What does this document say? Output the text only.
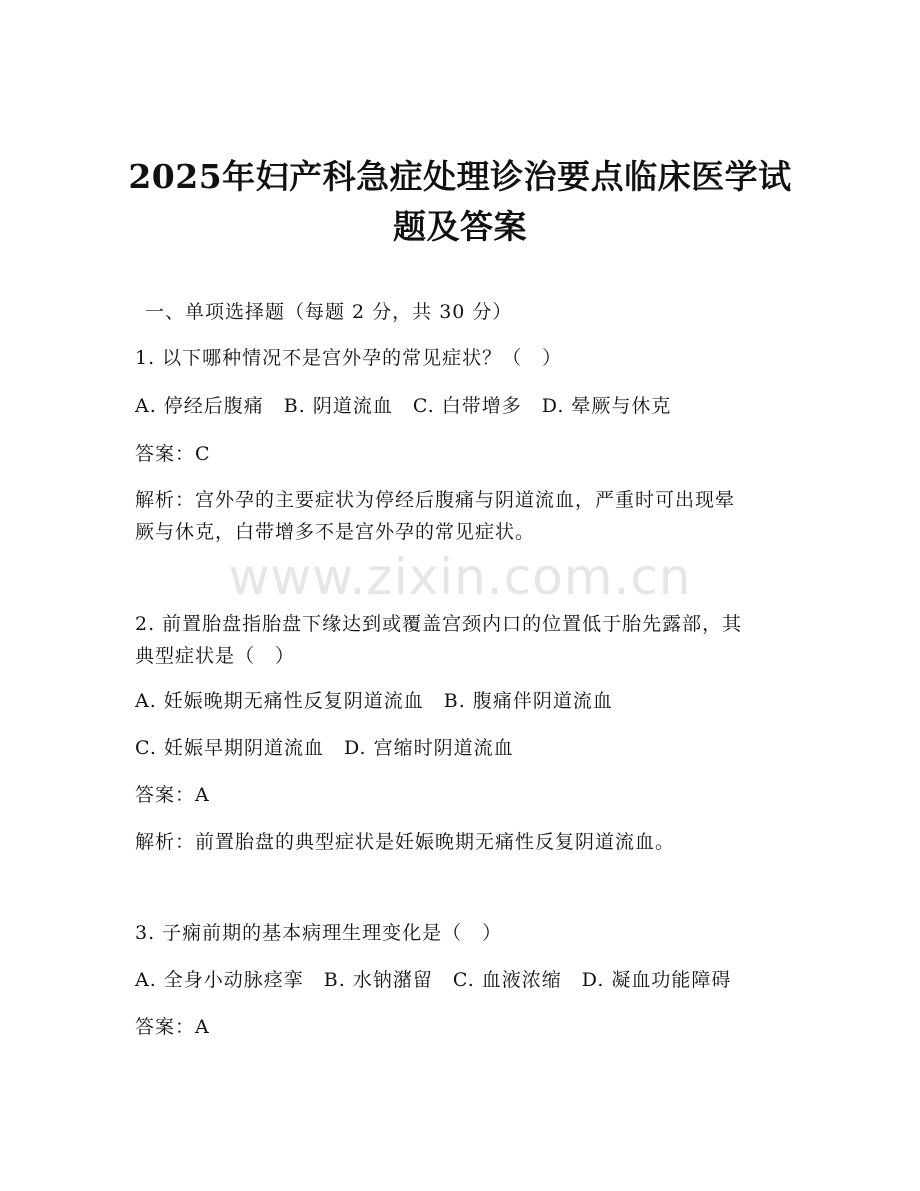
www.zixin.com.cn
2025年妇产科急症处理诊治要点临床医学试
题及答案
一、单项选择题（每题 2 分，共 30 分）
1. 以下哪种情况不是宫外孕的常见症状？（　）
A. 停经后腹痛　B. 阴道流血　C. 白带增多　D. 晕厥与休克
答案：C
解析：宫外孕的主要症状为停经后腹痛与阴道流血，严重时可出现晕
厥与休克，白带增多不是宫外孕的常见症状。
2. 前置胎盘指胎盘下缘达到或覆盖宫颈内口的位置低于胎先露部，其
典型症状是（　）
A. 妊娠晚期无痛性反复阴道流血　B. 腹痛伴阴道流血
C. 妊娠早期阴道流血　D. 宫缩时阴道流血
答案：A
解析：前置胎盘的典型症状是妊娠晚期无痛性反复阴道流血。
3. 子痫前期的基本病理生理变化是（　）
A. 全身小动脉痉挛　B. 水钠潴留　C. 血液浓缩　D. 凝血功能障碍
答案：A
